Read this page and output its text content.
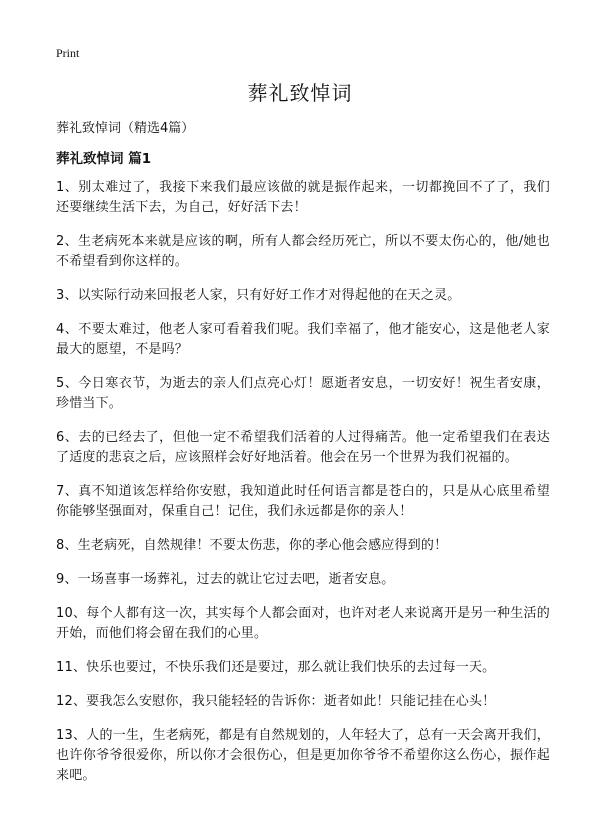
Print
葬礼致悼词
葬礼致悼词（精选4篇）
葬礼致悼词 篇1

1、别太难过了，我接下来我们最应该做的就是振作起来，一切都挽回不了了，我们还要继续生活下去，为自己，好好活下去！

2、生老病死本来就是应该的啊，所有人都会经历死亡，所以不要太伤心的，他/她也不希望看到你这样的。

3、以实际行动来回报老人家，只有好好工作才对得起他的在天之灵。

4、不要太难过，他老人家可看着我们呢。我们幸福了，他才能安心，这是他老人家最大的愿望，不是吗？

5、今日寒衣节，为逝去的亲人们点亮心灯！愿逝者安息，一切安好！祝生者安康，珍惜当下。

6、去的已经去了，但他一定不希望我们活着的人过得痛苦。他一定希望我们在表达了适度的悲哀之后，应该照样会好好地活着。他会在另一个世界为我们祝福的。

7、真不知道该怎样给你安慰，我知道此时任何语言都是苍白的，只是从心底里希望你能够坚强面对，保重自己！记住，我们永远都是你的亲人！

8、生老病死，自然规律！不要太伤悲，你的孝心他会感应得到的！

9、一场喜事一场葬礼，过去的就让它过去吧，逝者安息。

10、每个人都有这一次，其实每个人都会面对，也许对老人来说离开是另一种生活的开始，而他们将会留在我们的心里。

11、快乐也要过，不快乐我们还是要过，那么就让我们快乐的去过每一天。

12、要我怎么安慰你，我只能轻轻的告诉你：逝者如此！只能记挂在心头！

13、人的一生，生老病死，都是有自然规划的，人年轻大了，总有一天会离开我们，也许你爷爷很爱你，所以你才会很伤心，但是更加你爷爷不希望你这么伤心，振作起来吧。
